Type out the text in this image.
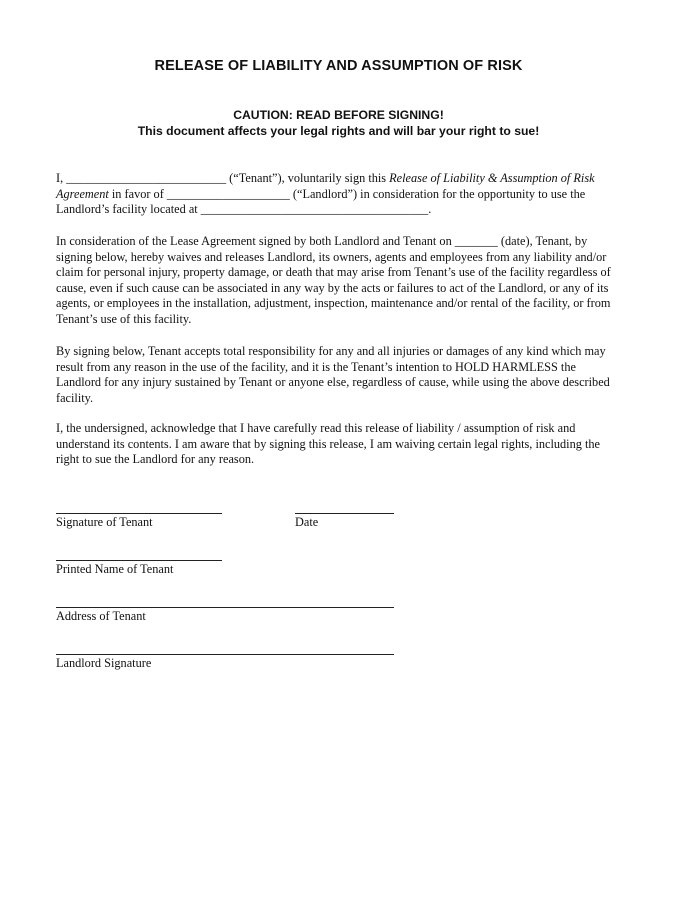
RELEASE OF LIABILITY AND ASSUMPTION OF RISK
CAUTION: READ BEFORE SIGNING!
This document affects your legal rights and will bar your right to sue!

I, __________________________ (“Tenant”), voluntarily sign this Release of Liability & Assumption of Risk Agreement in favor of ____________________ (“Landlord”) in consideration for the opportunity to use the Landlord’s facility located at _____________________________________.

In consideration of the Lease Agreement signed by both Landlord and Tenant on _______ (date), Tenant, by signing below, hereby waives and releases Landlord, its owners, agents and employees from any liability and/or claim for personal injury, property damage, or death that may arise from Tenant’s use of the facility regardless of cause, even if such cause can be associated in any way by the acts or failures to act of the Landlord, or any of its agents, or employees in the installation, adjustment, inspection, maintenance and/or rental of the facility, or from Tenant’s use of this facility.

By signing below, Tenant accepts total responsibility for any and all injuries or damages of any kind which may result from any reason in the use of the facility, and it is the Tenant’s intention to HOLD HARMLESS the Landlord for any injury sustained by Tenant or anyone else, regardless of cause, while using the above described facility.

I, the undersigned, acknowledge that I have carefully read this release of liability / assumption of risk and understand its contents. I am aware that by signing this release, I am waiving certain legal rights, including the right to sue the Landlord for any reason.

Signature of Tenant	Date
Printed Name of Tenant
Address of Tenant
Landlord Signature
